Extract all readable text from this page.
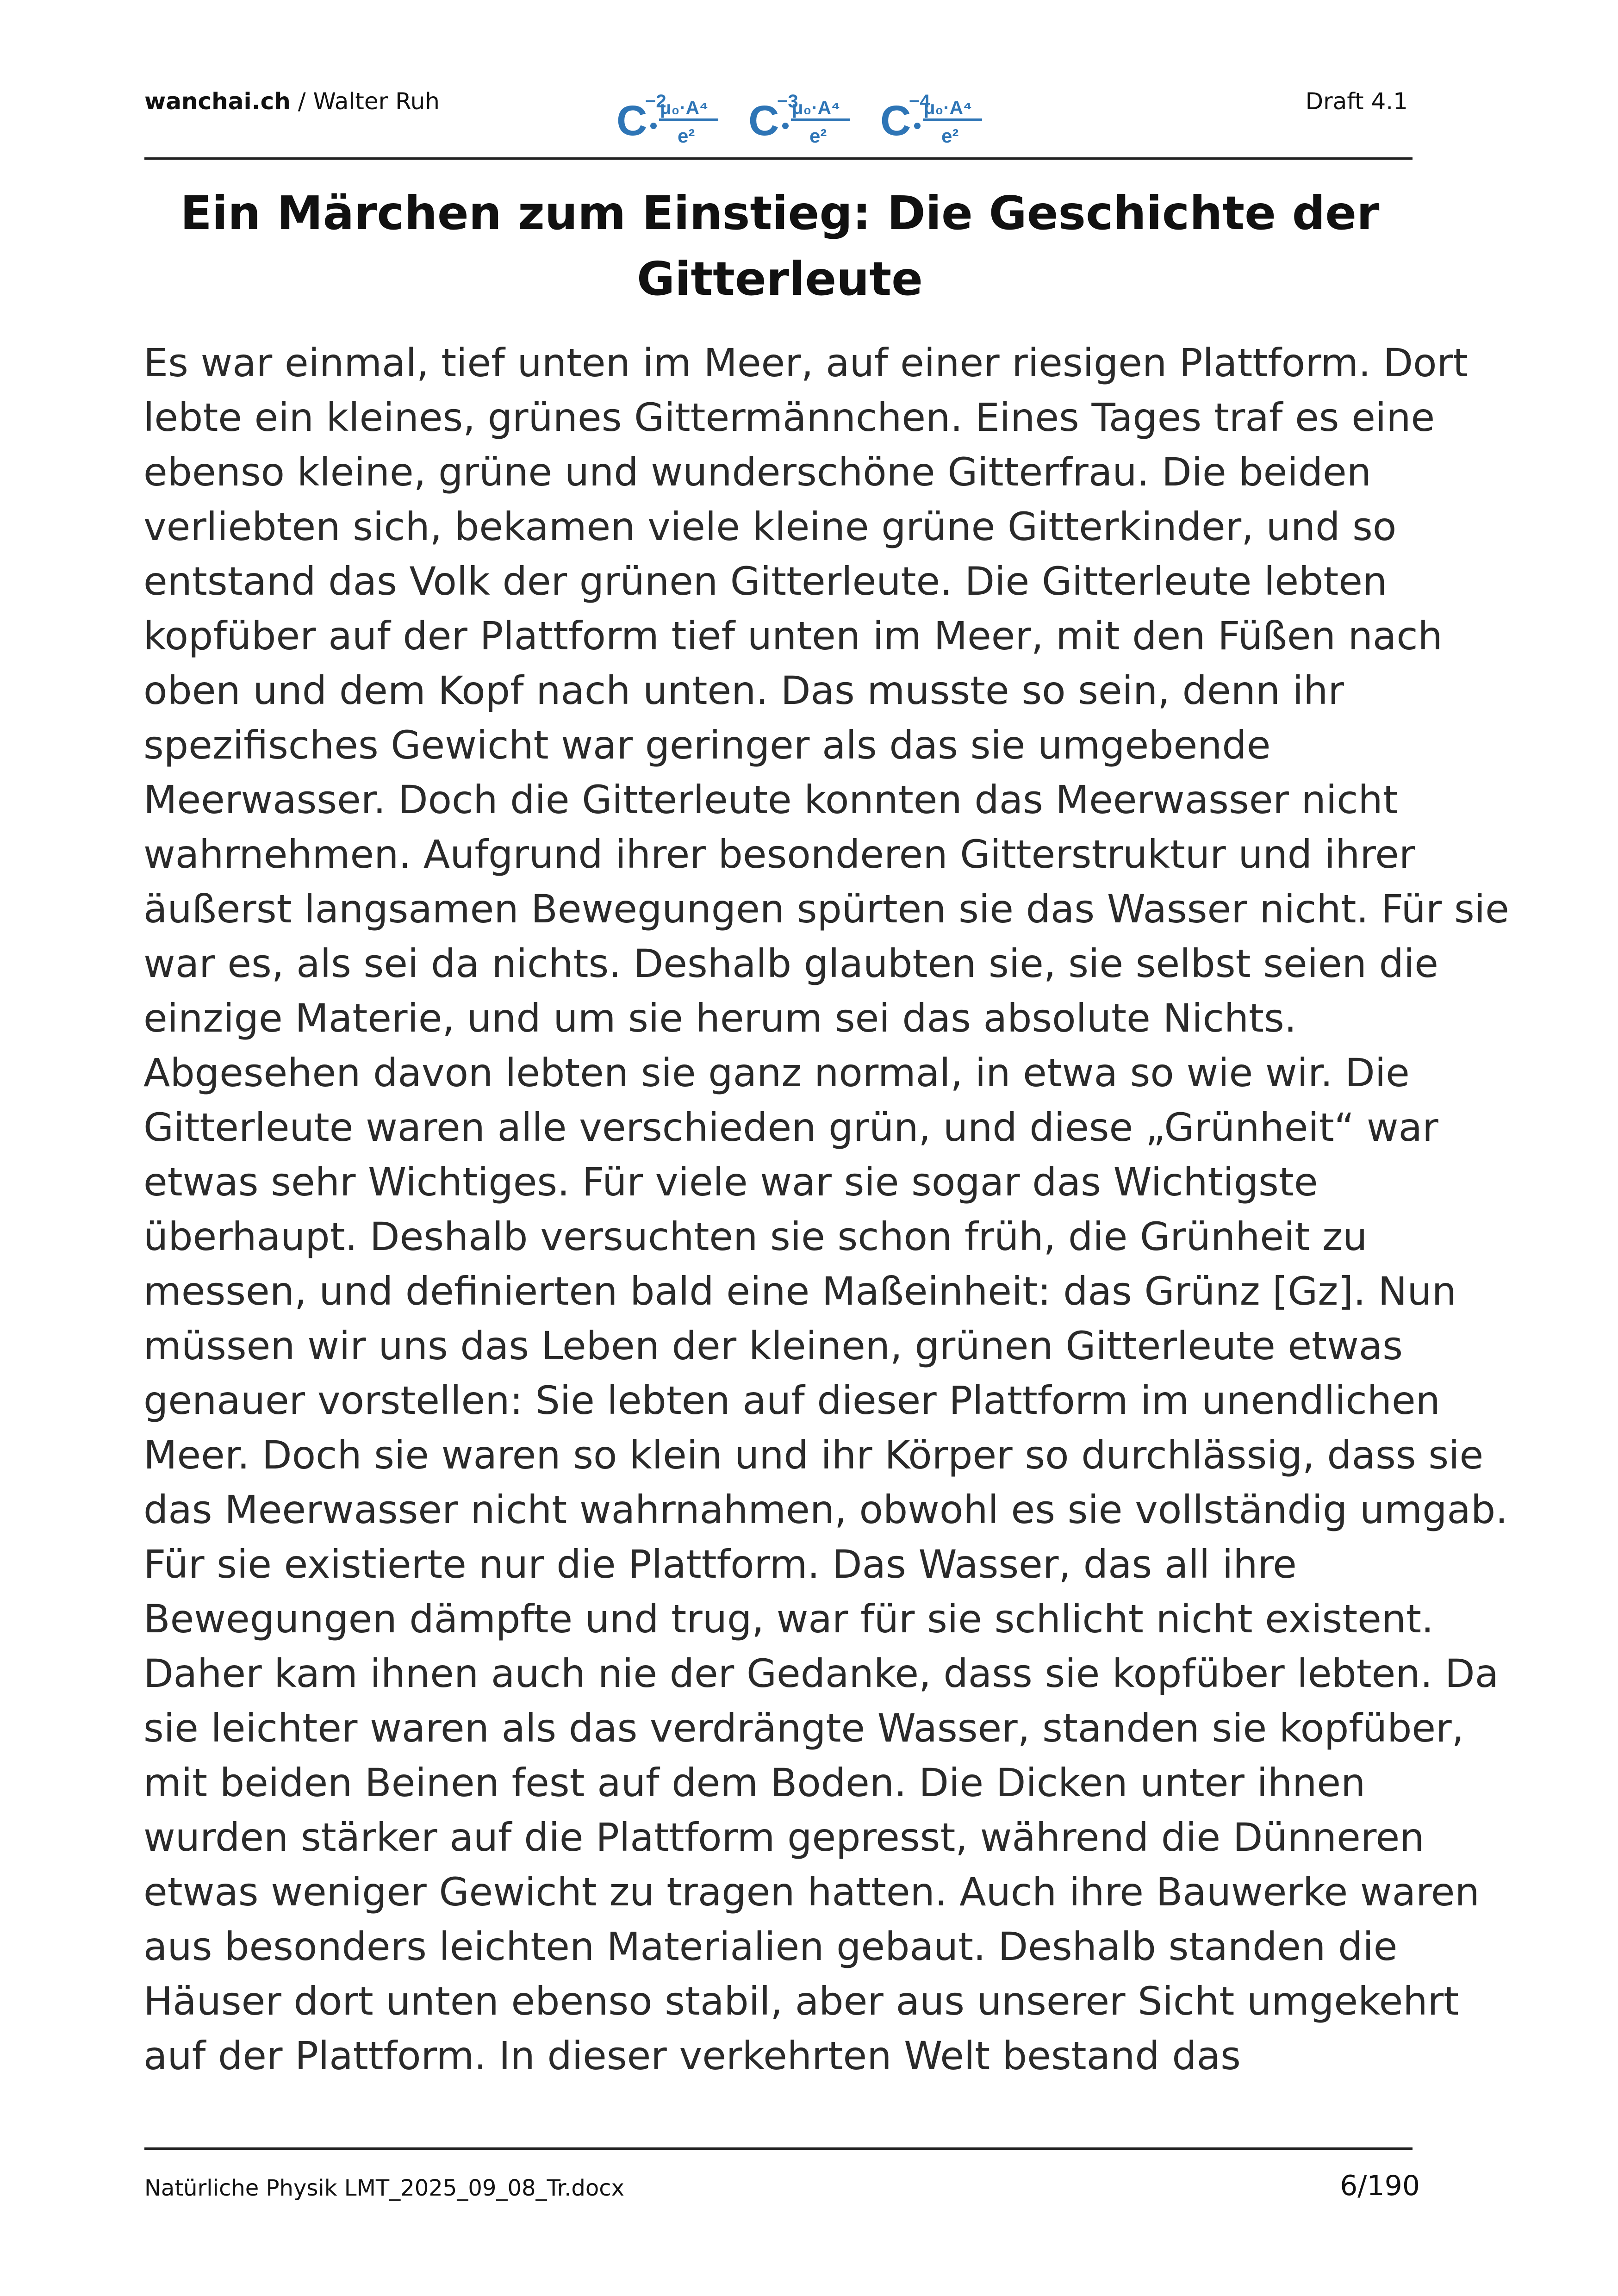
wanchai.ch / Walter Ruh	C
−2
μ₀·A⁴
e² C
−3
μ₀·A⁴
e² C
−4
μ₀·A⁴
e²
Draft 4.1
Ein Märchen zum Einstieg: Die Geschichte der
Gitterleute
Es war einmal, tief unten im Meer, auf einer riesigen Plattform. Dort
lebte ein kleines, grünes Gittermännchen. Eines Tages traf es eine
ebenso kleine, grüne und wunderschöne Gitterfrau. Die beiden
verliebten sich, bekamen viele kleine grüne Gitterkinder, und so
entstand das Volk der grünen Gitterleute. Die Gitterleute lebten
kopfüber auf der Plattform tief unten im Meer, mit den Füßen nach
oben und dem Kopf nach unten. Das musste so sein, denn ihr
spezifisches Gewicht war geringer als das sie umgebende
Meerwasser. Doch die Gitterleute konnten das Meerwasser nicht
wahrnehmen. Aufgrund ihrer besonderen Gitterstruktur und ihrer
äußerst langsamen Bewegungen spürten sie das Wasser nicht. Für sie
war es, als sei da nichts. Deshalb glaubten sie, sie selbst seien die
einzige Materie, und um sie herum sei das absolute Nichts.
Abgesehen davon lebten sie ganz normal, in etwa so wie wir. Die
Gitterleute waren alle verschieden grün, und diese „Grünheit“ war
etwas sehr Wichtiges. Für viele war sie sogar das Wichtigste
überhaupt. Deshalb versuchten sie schon früh, die Grünheit zu
messen, und definierten bald eine Maßeinheit: das Grünz [Gz]. Nun
müssen wir uns das Leben der kleinen, grünen Gitterleute etwas
genauer vorstellen: Sie lebten auf dieser Plattform im unendlichen
Meer. Doch sie waren so klein und ihr Körper so durchlässig, dass sie
das Meerwasser nicht wahrnahmen, obwohl es sie vollständig umgab.
Für sie existierte nur die Plattform. Das Wasser, das all ihre
Bewegungen dämpfte und trug, war für sie schlicht nicht existent.
Daher kam ihnen auch nie der Gedanke, dass sie kopfüber lebten. Da
sie leichter waren als das verdrängte Wasser, standen sie kopfüber,
mit beiden Beinen fest auf dem Boden. Die Dicken unter ihnen
wurden stärker auf die Plattform gepresst, während die Dünneren
etwas weniger Gewicht zu tragen hatten. Auch ihre Bauwerke waren
aus besonders leichten Materialien gebaut. Deshalb standen die
Häuser dort unten ebenso stabil, aber aus unserer Sicht umgekehrt
auf der Plattform. In dieser verkehrten Welt bestand das
Natürliche Physik LMT_2025_09_08_Tr.docx	6/190
